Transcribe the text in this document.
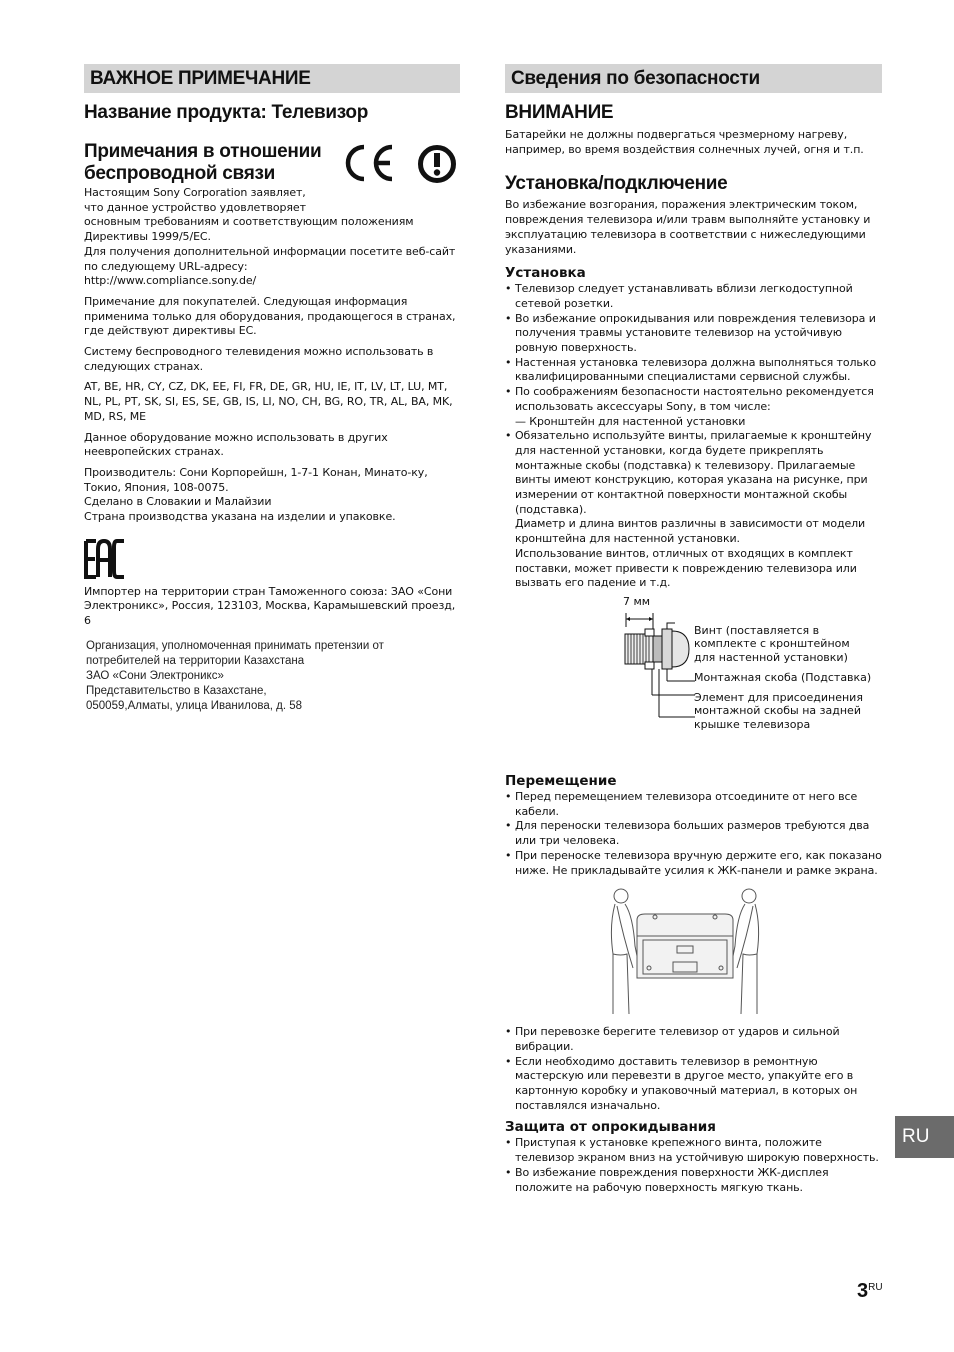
ВАЖНОЕ ПРИМЕЧАНИЕ
Название продукта: Телевизор
Примечания в отношении
беспроводной связи
Настоящим Sony Corporation заявляет,
что данное устройство удовлетворяет
основным требованиям и соответствующим положениям Директивы 1999/5/ЕС.
Для получения дополнительной информации посетите веб-сайт по следующему URL-адресу:
http://www.compliance.sony.de/
Примечание для покупателей. Следующая информация применима только для оборудования, продающегося в странах, где действуют директивы ЕС.
Систему беспроводного телевидения можно использовать в следующих странах.
AT, BE, HR, CY, CZ, DK, EE, FI, FR, DE, GR, HU, IE, IT, LV, LT, LU, MT, NL, PL, PT, SK, SI, ES, SE, GB, IS, LI, NO, CH, BG, RO, TR, AL, BA, MK, MD, RS, ME
Данное оборудование можно использовать в других неевропейских странах.
Производитель: Сони Корпорейшн, 1-7-1 Конан, Минато-ку, Токио, Япония, 108-0075.
Сделано в Словакии и Малайзии
Страна производства указана на изделии и упаковке.
Импортер на территории стран Таможенного союза: ЗАО «Сони Электроникс», Россия, 123103, Москва, Карамышевский проезд, 6
Организация, уполномоченная принимать претензии от
потребителей на территории Казахстана
ЗАО «Сони Электроникс»
Представительство в Казахстане,
050059,Алматы, улица Иванилова, д. 58
Сведения по безопасности
ВНИМАНИЕ
Батарейки не должны подвергаться чрезмерному нагреву, например, во время воздействия солнечных лучей, огня и т.п.
Установка/подключение
Во избежание возгорания, поражения электрическим током, повреждения телевизора и/или травм выполняйте установку и эксплуатацию телевизора в соответствии с нижеследующими указаниями.
Установка
• Телевизор следует устанавливать вблизи легкодоступной сетевой розетки.
• Во избежание опрокидывания или повреждения телевизора и получения травмы установите телевизор на устойчивую ровную поверхность.
• Настенная установка телевизора должна выполняться только квалифицированными специалистами сервисной службы.
• По соображениям безопасности настоятельно рекомендуется использовать аксессуары Sony, в том числе:
— Кронштейн для настенной установки
• Обязательно используйте винты, прилагаемые к кронштейну для настенной установки, когда будете прикреплять монтажные скобы (подставка) к телевизору. Прилагаемые винты имеют конструкцию, которая указана на рисунке, при измерении от контактной поверхности монтажной скобы (подставка).
Диаметр и длина винтов различны в зависимости от модели кронштейна для настенной установки.
Использование винтов, отличных от входящих в комплект поставки, может привести к повреждению телевизора или вызвать его падение и т.д.
7 мм
Винт (поставляется в
комплекте с кронштейном
для настенной установки)
Монтажная скоба (Подставка)
Элемент для присоединения
монтажной скобы на задней
крышке телевизора
Перемещение
• Перед перемещением телевизора отсоедините от него все кабели.
• Для переноски телевизора больших размеров требуются два или три человека.
• При переноске телевизора вручную держите его, как показано ниже. Не прикладывайте усилия к ЖК-панели и рамке экрана.
• При перевозке берегите телевизор от ударов и сильной вибрации.
• Если необходимо доставить телевизор в ремонтную мастерскую или перевезти в другое место, упакуйте его в картонную коробку и упаковочный материал, в которых он поставлялся изначально.
Защита от опрокидывания
• Приступая к установке крепежного винта, положите телевизор экраном вниз на устойчивую широкую поверхность.
• Во избежание повреждения поверхности ЖК-дисплея положите на рабочую поверхность мягкую ткань.
RU
$3^{RU}$
